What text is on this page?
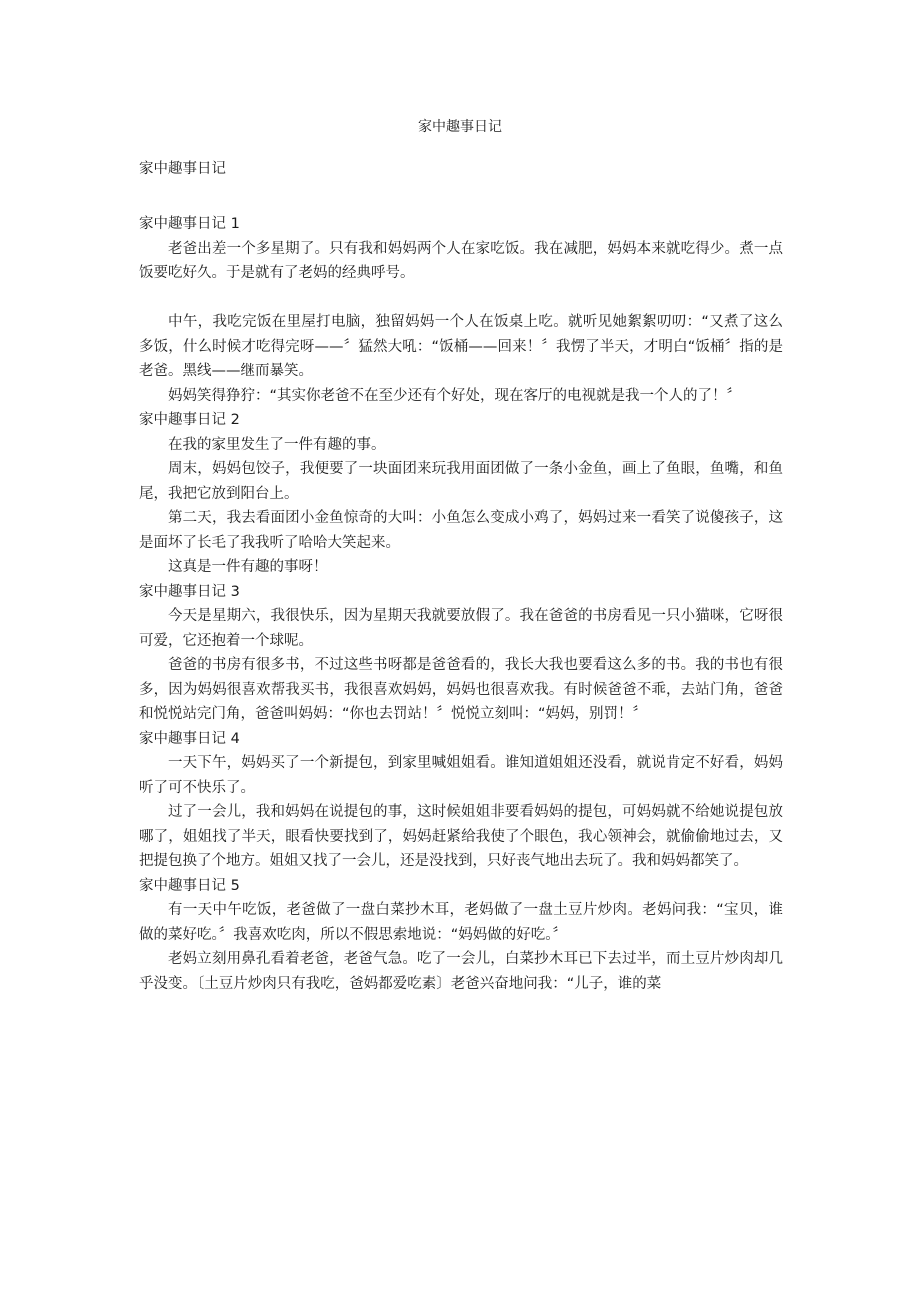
家中趣事日记
家中趣事日记

家中趣事日记 1

老爸出差一个多星期了。只有我和妈妈两个人在家吃饭。我在减肥，妈妈本来就吃得少。煮一点饭要吃好久。于是就有了老妈的经典呼号。

中午，我吃完饭在里屋打电脑，独留妈妈一个人在饭桌上吃。就听见她絮絮叨叨：“又煮了这么多饭，什么时候才吃得完呀——〞猛然大吼：“饭桶——回来！〞我愣了半天，才明白“饭桶〞指的是老爸。黑线——继而暴笑。

妈妈笑得狰狞：“其实你老爸不在至少还有个好处，现在客厅的电视就是我一个人的了！〞

家中趣事日记 2

在我的家里发生了一件有趣的事。

周末，妈妈包饺子，我便要了一块面团来玩我用面团做了一条小金鱼，画上了鱼眼，鱼嘴，和鱼尾，我把它放到阳台上。

第二天，我去看面团小金鱼惊奇的大叫：小鱼怎么变成小鸡了，妈妈过来一看笑了说傻孩子，这是面坏了长毛了我我听了哈哈大笑起来。

这真是一件有趣的事呀！

家中趣事日记 3

今天是星期六，我很快乐，因为星期天我就要放假了。我在爸爸的书房看见一只小猫咪，它呀很可爱，它还抱着一个球呢。

爸爸的书房有很多书，不过这些书呀都是爸爸看的，我长大我也要看这么多的书。我的书也有很多，因为妈妈很喜欢帮我买书，我很喜欢妈妈，妈妈也很喜欢我。有时候爸爸不乖，去站门角，爸爸和悦悦站完门角，爸爸叫妈妈：“你也去罚站！〞悦悦立刻叫：“妈妈，别罚！〞

家中趣事日记 4

一天下午，妈妈买了一个新提包，到家里喊姐姐看。谁知道姐姐还没看，就说肯定不好看，妈妈听了可不快乐了。

过了一会儿，我和妈妈在说提包的事，这时候姐姐非要看妈妈的提包，可妈妈就不给她说提包放哪了，姐姐找了半天，眼看快要找到了，妈妈赶紧给我使了个眼色，我心领神会，就偷偷地过去，又把提包换了个地方。姐姐又找了一会儿，还是没找到，只好丧气地出去玩了。我和妈妈都笑了。

家中趣事日记 5

有一天中午吃饭，老爸做了一盘白菜抄木耳，老妈做了一盘土豆片炒肉。老妈问我：“宝贝，谁做的菜好吃。〞我喜欢吃肉，所以不假思索地说：“妈妈做的好吃。〞

老妈立刻用鼻孔看着老爸，老爸气急。吃了一会儿，白菜抄木耳已下去过半，而土豆片炒肉却几乎没变。〔土豆片炒肉只有我吃，爸妈都爱吃素〕老爸兴奋地问我：“儿子，谁的菜
